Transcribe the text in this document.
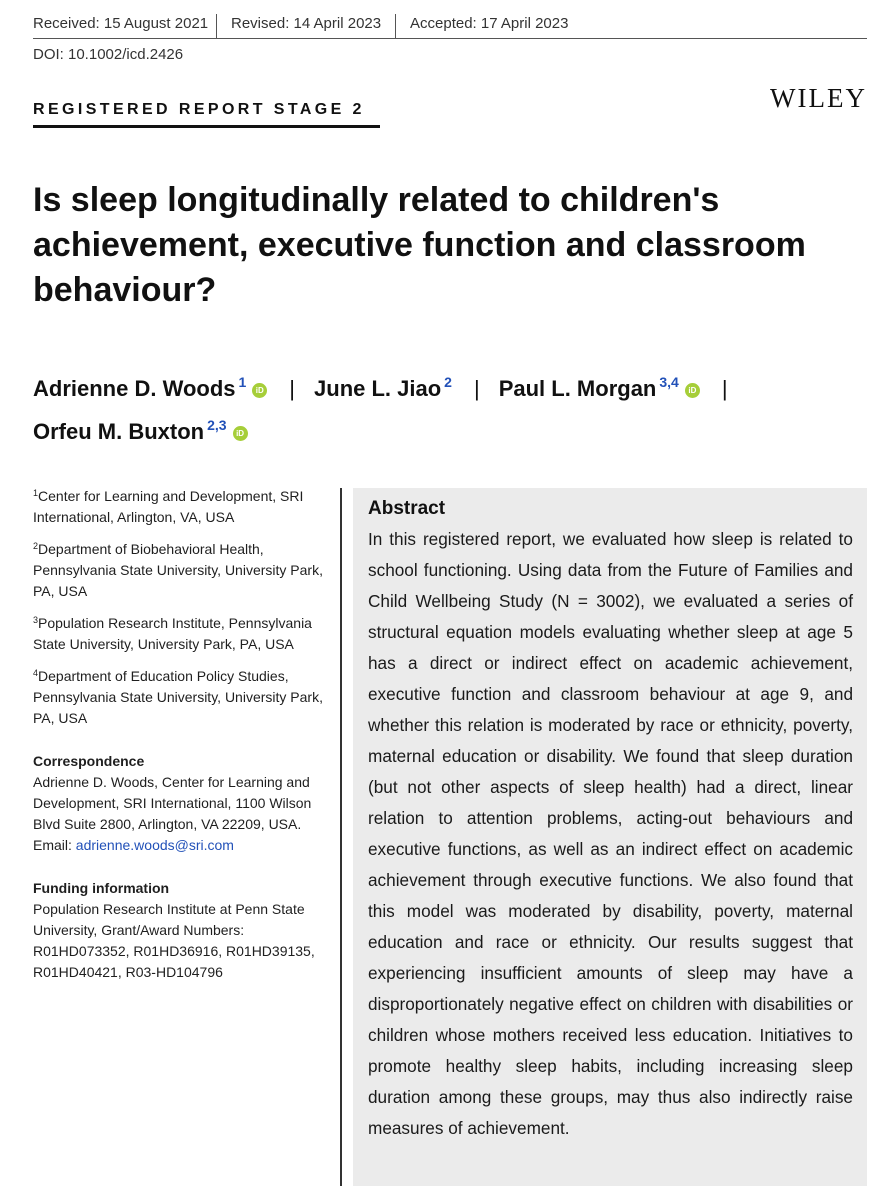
Received: 15 August 2021 Revised: 14 April 2023 Accepted: 17 April 2023
DOI: 10.1002/icd.2426
REGISTERED REPORT STAGE 2	WILEY
Is sleep longitudinally related to children's achievement, executive function and classroom behaviour?
Adrienne D. Woods $^1$iD | June L. Jiao $^2$ | Paul L. Morgan $^{3,4}$iD |
Orfeu M. Buxton $^{2,3}$iD

$^1$Center for Learning and Development, SRI International, Arlington, VA, USA

$^2$Department of Biobehavioral Health, Pennsylvania State University, University Park, PA, USA

$^3$Population Research Institute, Pennsylvania State University, University Park, PA, USA

$^4$Department of Education Policy Studies, Pennsylvania State University, University Park, PA, USA

Correspondence

Adrienne D. Woods, Center for Learning and Development, SRI International, 1100 Wilson Blvd Suite 2800, Arlington, VA 22209, USA.
Email: adrienne.woods@sri.com

Funding information

Population Research Institute at Penn State University, Grant/Award Numbers: R01HD073352, R01HD36916, R01HD39135, R01HD40421, R03-HD104796

Abstract

In this registered report, we evaluated how sleep is related to school functioning. Using data from the Future of Families and Child Wellbeing Study (N = 3002), we evaluated a series of structural equation models evaluating whether sleep at age 5 has a direct or indirect effect on academic achievement, executive function and classroom behaviour at age 9, and whether this relation is moderated by race or ethnicity, poverty, maternal education or disability. We found that sleep duration (but not other aspects of sleep health) had a direct, linear relation to attention problems, acting-out behaviours and executive functions, as well as an indirect effect on academic achievement through executive functions. We also found that this model was moderated by disability, poverty, maternal education and race or ethnicity. Our results suggest that experiencing insufficient amounts of sleep may have a disproportionately negative effect on children with disabilities or children whose mothers received less education. Initiatives to promote healthy sleep habits, including increasing sleep duration among these groups, may thus also indirectly raise measures of achievement.
